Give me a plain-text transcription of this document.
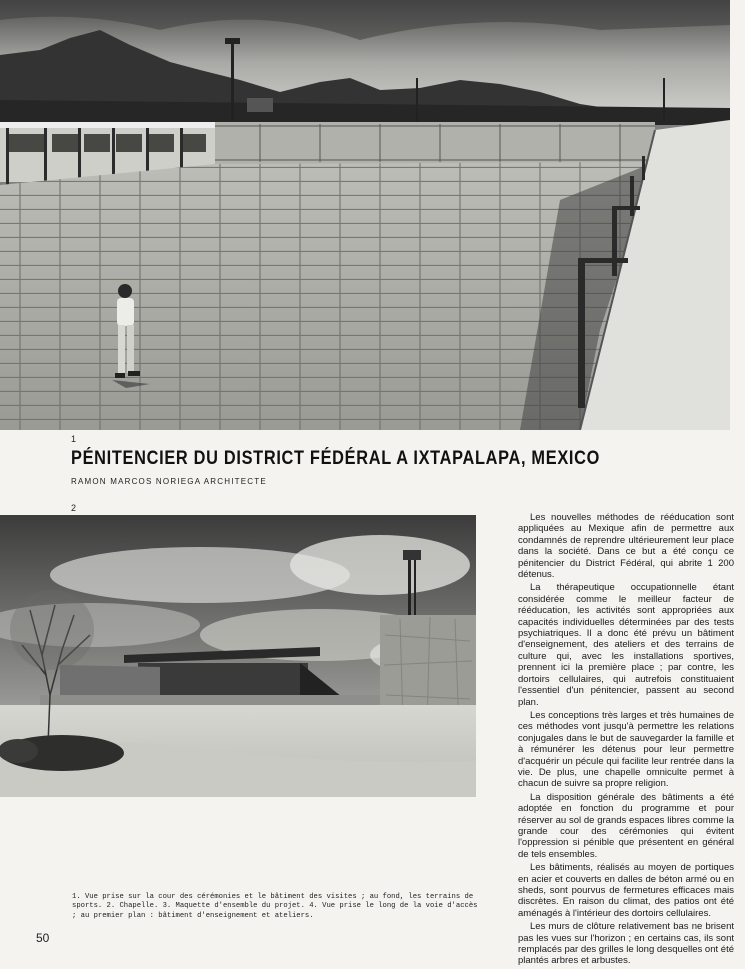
1
PÉNITENCIER DU DISTRICT FÉDÉRAL A IXTAPALAPA, MEXICO
RAMON MARCOS NORIEGA ARCHITECTE
2
1. Vue prise sur la cour des cérémonies et le bâtiment des visites ; au fond, les terrains de sports. 2. Chapelle. 3. Maquette d'ensemble du projet. 4. Vue prise le long de la voie d'accès ; au premier plan : bâtiment d'enseignement et ateliers.

Les nouvelles méthodes de rééducation sont appliquées au Mexique afin de permettre aux condamnés de reprendre ultérieurement leur place dans la société. Dans ce but a été conçu ce pénitencier du District Fédéral, qui abrite 1 200 détenus.

La thérapeutique occupationnelle étant considérée comme le meilleur facteur de rééducation, les activités sont appropriées aux capacités individuelles déterminées par des tests psychiatriques. Il a donc été prévu un bâtiment d'enseignement, des ateliers et des terrains de culture qui, avec les installations sportives, prennent ici la première place ; par contre, les dortoirs cellulaires, qui autrefois constituaient l'essentiel d'un pénitencier, passent au second plan.

Les conceptions très larges et très humaines de ces méthodes vont jusqu'à permettre les relations conjugales dans le but de sauvegarder la famille et à rémunérer les détenus pour leur permettre d'acquérir un pécule qui facilite leur rentrée dans la vie. De plus, une chapelle omniculte permet à chacun de suivre sa propre religion.

La disposition générale des bâtiments a été adoptée en fonction du programme et pour réserver au sol de grands espaces libres comme la grande cour des cérémonies qui évitent l'oppression si pénible que présentent en général de tels ensembles.

Les bâtiments, réalisés au moyen de portiques en acier et couverts en dalles de béton armé ou en sheds, sont pourvus de fermetures efficaces mais discrètes. En raison du climat, des patios ont été aménagés à l'intérieur des dortoirs cellulaires.

Les murs de clôture relativement bas ne brisent pas les vues sur l'horizon ; en certains cas, ils sont remplacés par des grilles le long desquelles ont été plantés arbres et arbustes.

50
